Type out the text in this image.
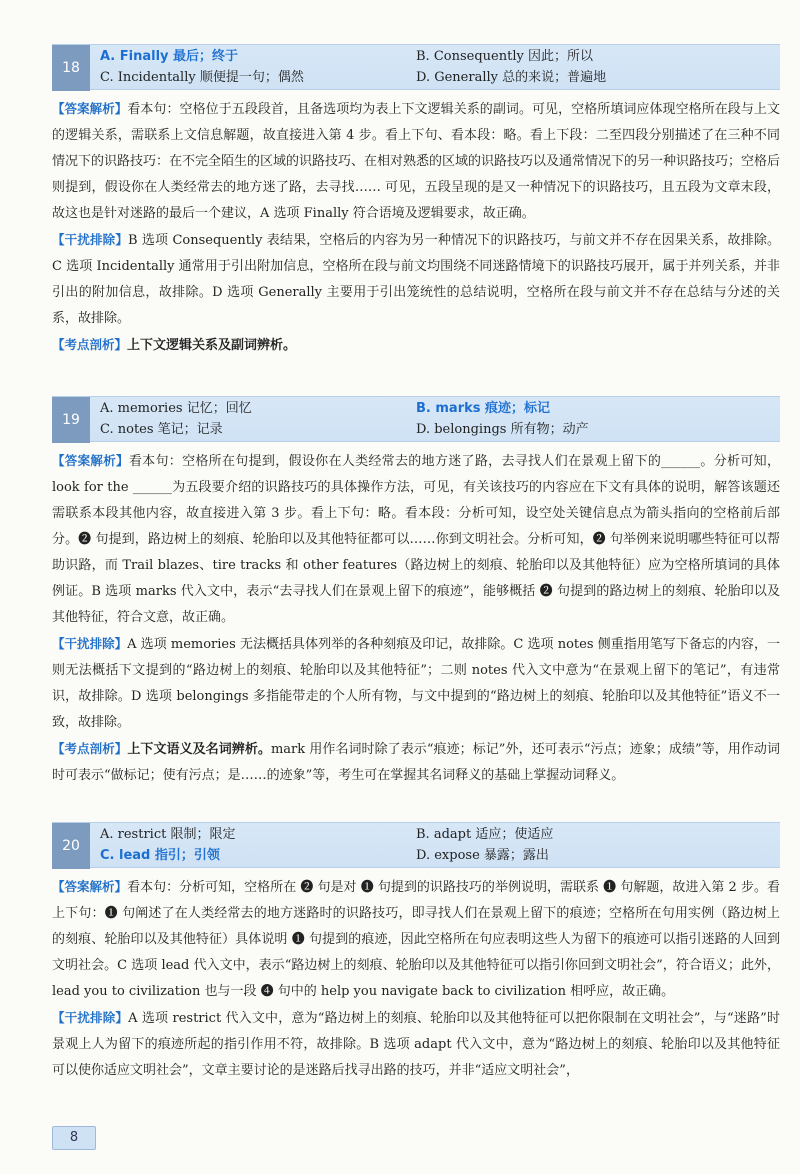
18
A. Finally 最后；终于
C. Incidentally 顺便提一句；偶然
B. Consequently 因此；所以
D. Generally 总的来说；普遍地

【答案解析】看本句：空格位于五段段首，且备选项均为表上下文逻辑关系的副词。可见，空格所填词应体现空格所在段与上文的逻辑关系，需联系上文信息解题，故直接进入第 4 步。看上下句、看本段：略。看上下段：二至四段分别描述了在三种不同情况下的识路技巧：在不完全陌生的区域的识路技巧、在相对熟悉的区域的识路技巧以及通常情况下的另一种识路技巧；空格后则提到，假设你在人类经常去的地方迷了路，去寻找…… 可见，五段呈现的是又一种情况下的识路技巧，且五段为文章末段，故这也是针对迷路的最后一个建议，A 选项 Finally 符合语境及逻辑要求，故正确。

【干扰排除】B 选项 Consequently 表结果，空格后的内容为另一种情况下的识路技巧，与前文并不存在因果关系，故排除。C 选项 Incidentally 通常用于引出附加信息，空格所在段与前文均围绕不同迷路情境下的识路技巧展开，属于并列关系，并非引出的附加信息，故排除。D 选项 Generally 主要用于引出笼统性的总结说明，空格所在段与前文并不存在总结与分述的关系，故排除。

【考点剖析】上下文逻辑关系及副词辨析。

19
A. memories 记忆；回忆
C. notes 笔记；记录
B. marks 痕迹；标记
D. belongings 所有物；动产

【答案解析】看本句：空格所在句提到，假设你在人类经常去的地方迷了路，去寻找人们在景观上留下的______。分析可知，look for the ______为五段要介绍的识路技巧的具体操作方法，可见，有关该技巧的内容应在下文有具体的说明，解答该题还需联系本段其他内容，故直接进入第 3 步。看上下句：略。看本段：分析可知，设空处关键信息点为箭头指向的空格前后部分。❷ 句提到，路边树上的刻痕、轮胎印以及其他特征都可以……你到文明社会。分析可知，❷ 句举例来说明哪些特征可以帮助识路，而 Trail blazes、tire tracks 和 other features（路边树上的刻痕、轮胎印以及其他特征）应为空格所填词的具体例证。B 选项 marks 代入文中，表示“去寻找人们在景观上留下的痕迹”，能够概括 ❷ 句提到的路边树上的刻痕、轮胎印以及其他特征，符合文意，故正确。

【干扰排除】A 选项 memories 无法概括具体列举的各种刻痕及印记，故排除。C 选项 notes 侧重指用笔写下备忘的内容，一则无法概括下文提到的“路边树上的刻痕、轮胎印以及其他特征”；二则 notes 代入文中意为“在景观上留下的笔记”，有违常识，故排除。D 选项 belongings 多指能带走的个人所有物，与文中提到的“路边树上的刻痕、轮胎印以及其他特征”语义不一致，故排除。

【考点剖析】上下文语义及名词辨析。mark 用作名词时除了表示“痕迹；标记”外，还可表示“污点；迹象；成绩”等，用作动词时可表示“做标记；使有污点；是……的迹象”等，考生可在掌握其名词释义的基础上掌握动词释义。

20
A. restrict 限制；限定
C. lead 指引；引领
B. adapt 适应；使适应
D. expose 暴露；露出

【答案解析】看本句：分析可知，空格所在 ❷ 句是对 ❶ 句提到的识路技巧的举例说明，需联系 ❶ 句解题，故进入第 2 步。看上下句：❶ 句阐述了在人类经常去的地方迷路时的识路技巧，即寻找人们在景观上留下的痕迹；空格所在句用实例（路边树上的刻痕、轮胎印以及其他特征）具体说明 ❶ 句提到的痕迹，因此空格所在句应表明这些人为留下的痕迹可以指引迷路的人回到文明社会。C 选项 lead 代入文中，表示“路边树上的刻痕、轮胎印以及其他特征可以指引你回到文明社会”，符合语义；此外，lead you to civilization 也与一段 ❹ 句中的 help you navigate back to civilization 相呼应，故正确。

【干扰排除】A 选项 restrict 代入文中，意为“路边树上的刻痕、轮胎印以及其他特征可以把你限制在文明社会”，与“迷路”时景观上人为留下的痕迹所起的指引作用不符，故排除。B 选项 adapt 代入文中，意为“路边树上的刻痕、轮胎印以及其他特征可以使你适应文明社会”，文章主要讨论的是迷路后找寻出路的技巧，并非“适应文明社会”，

8
